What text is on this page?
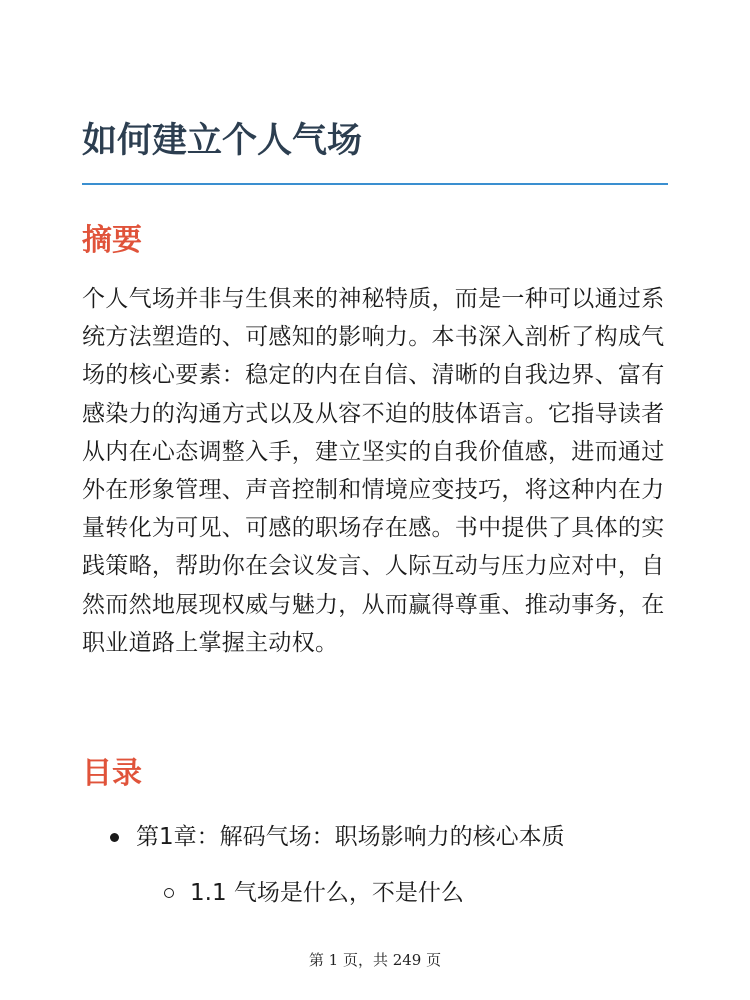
如何建立个人气场
摘要

个人气场并非与生俱来的神秘特质，而是一种可以通过系统方法塑造的、可感知的影响力。本书深入剖析了构成气场的核心要素：稳定的内在自信、清晰的自我边界、富有感染力的沟通方式以及从容不迫的肢体语言。它指导读者从内在心态调整入手，建立坚实的自我价值感，进而通过外在形象管理、声音控制和情境应变技巧，将这种内在力量转化为可见、可感的职场存在感。书中提供了具体的实践策略，帮助你在会议发言、人际互动与压力应对中，自然而然地展现权威与魅力，从而赢得尊重、推动事务，在职业道路上掌握主动权。

目录
第1章：解码气场：职场影响力的核心本质
1.1 气场是什么，不是什么
第 1 页，共 249 页
